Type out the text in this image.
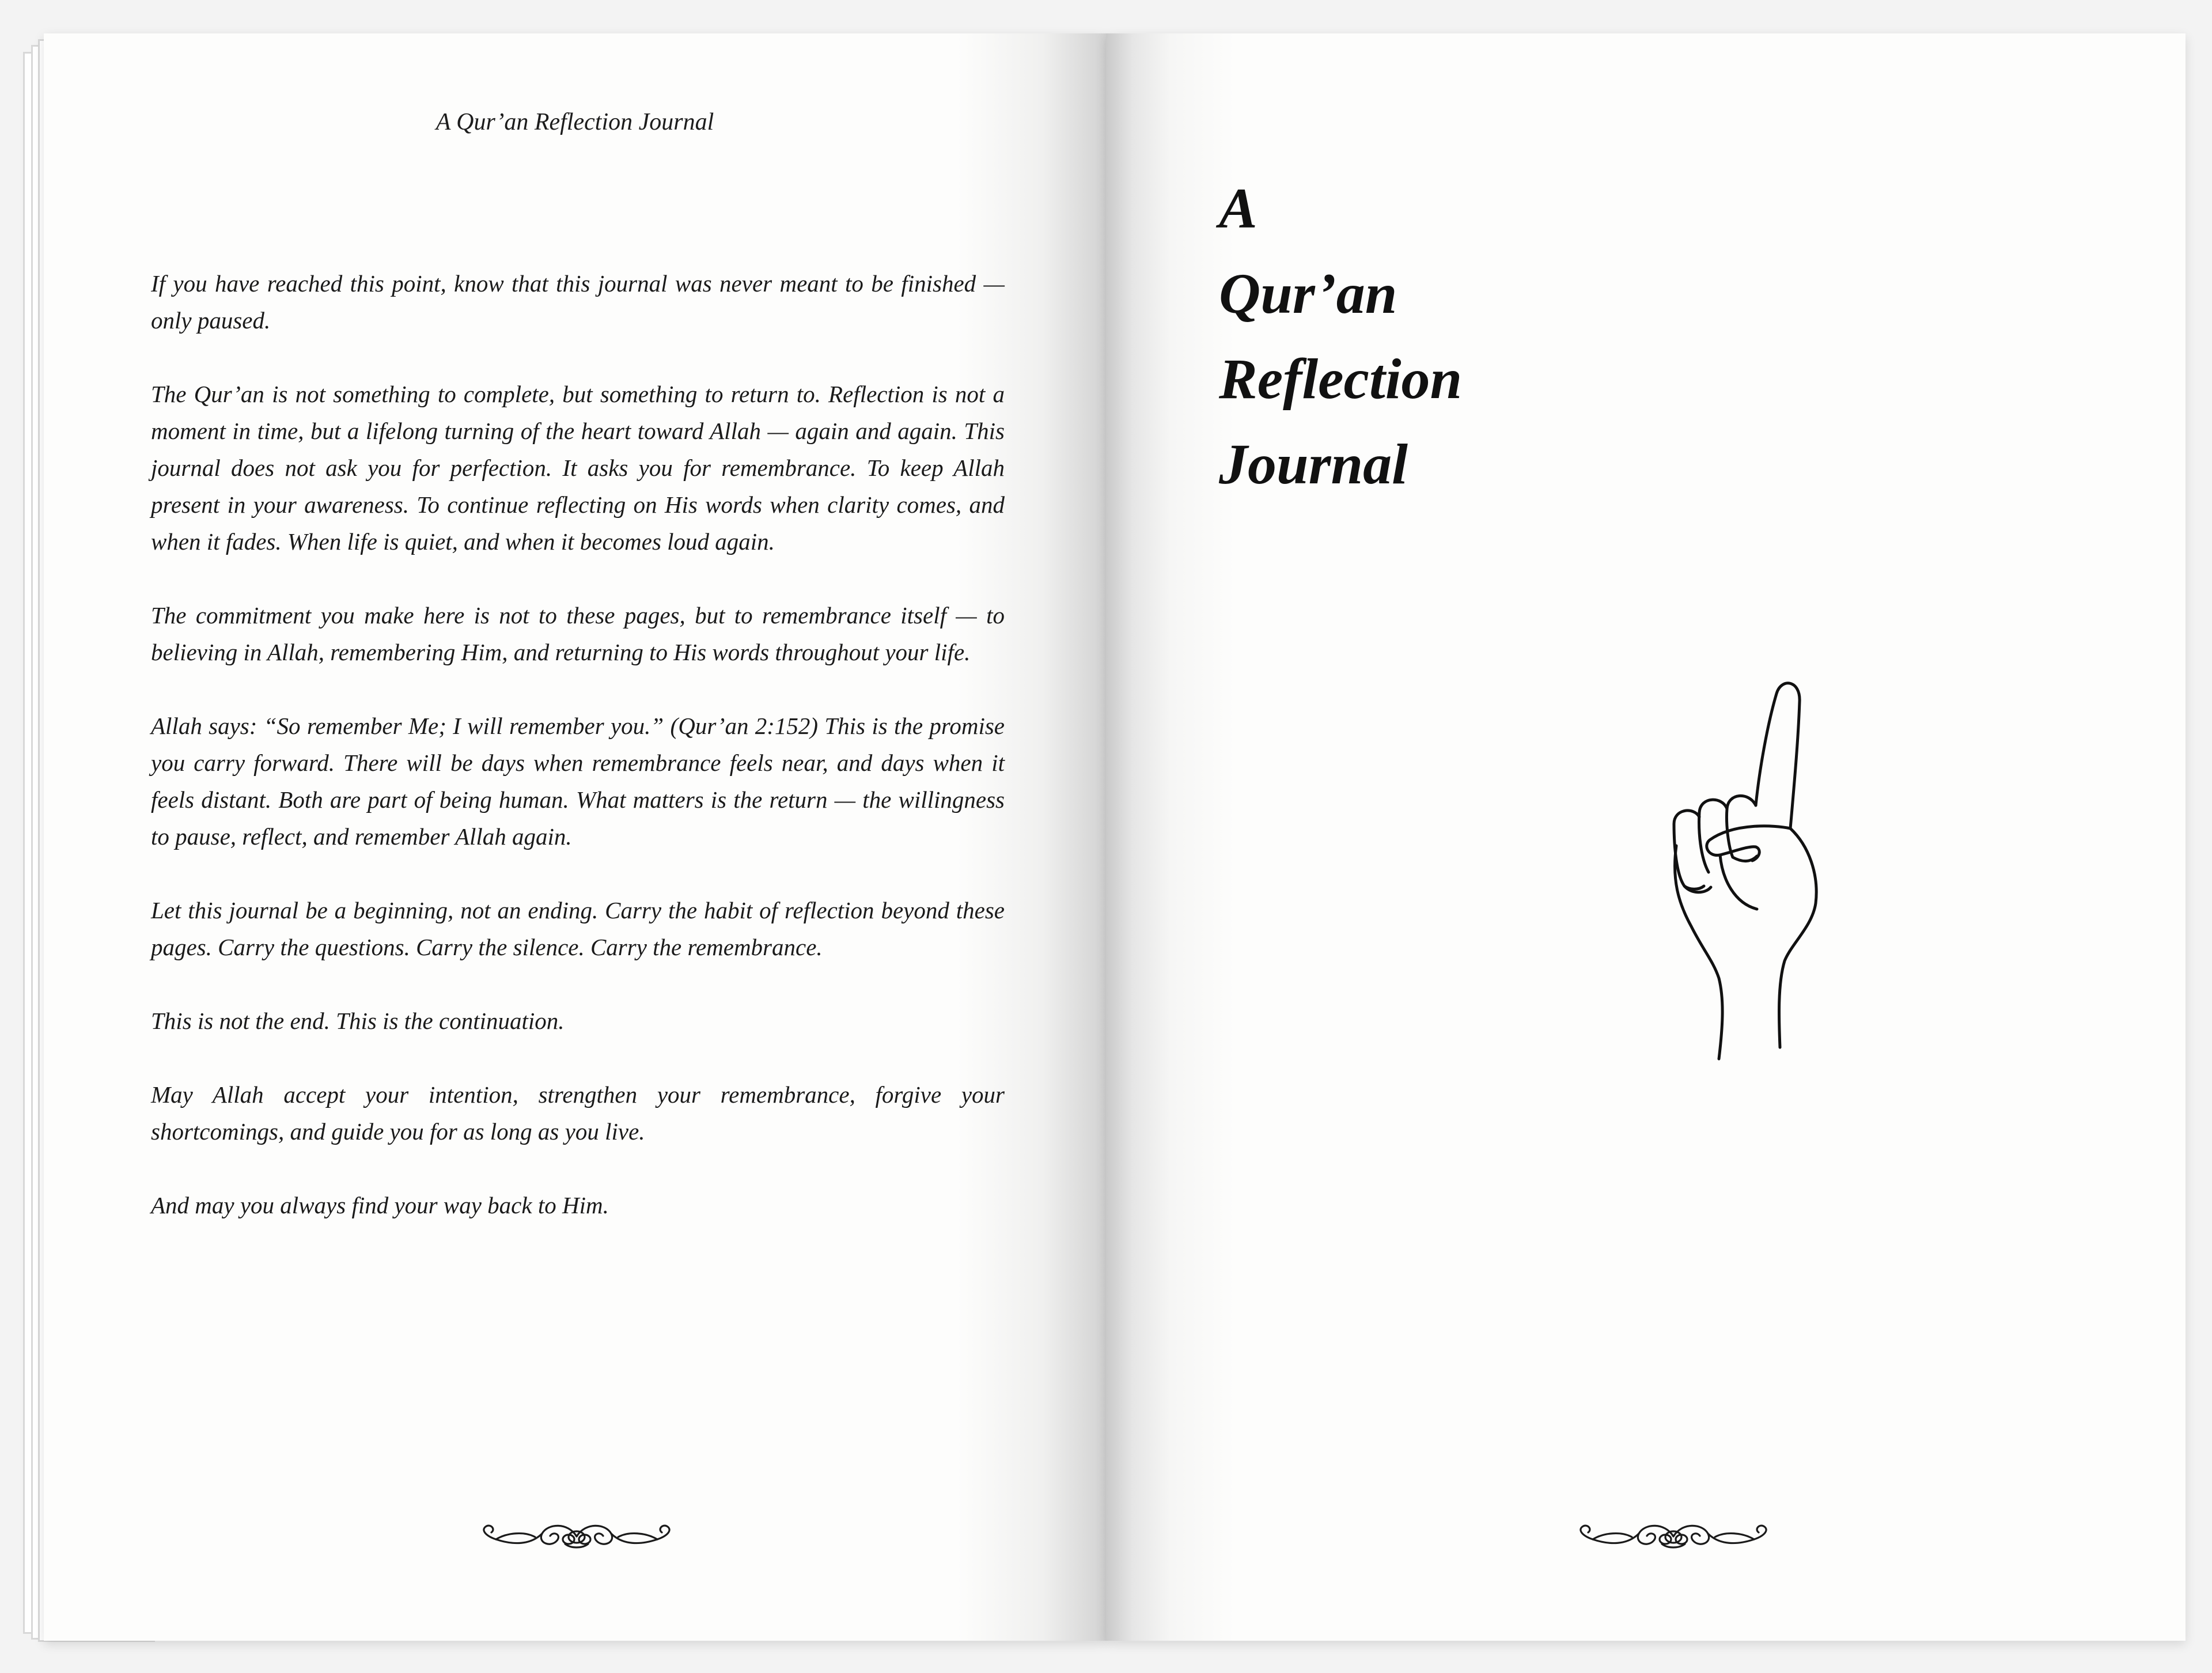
A Qur’an Reflection Journal

If you have reached this point, know that this journal was never meant to be finished — only paused.

The Qur’an is not something to complete, but something to return to. Reflection is not a moment in time, but a lifelong turning of the heart toward Allah — again and again. This journal does not ask you for perfection. It asks you for remembrance. To keep Allah present in your awareness. To continue reflecting on His words when clarity comes, and when it fades. When life is quiet, and when it becomes loud again.

The commitment you make here is not to these pages, but to remembrance itself — to believing in Allah, remembering Him, and returning to His words throughout your life.

Allah says: “So remember Me; I will remember you.” (Qur’an 2:152) This is the promise you carry forward. There will be days when remembrance feels near, and days when it feels distant. Both are part of being human. What matters is the return — the willingness to pause, reflect, and remember Allah again.

Let this journal be a beginning, not an ending. Carry the habit of reflection beyond these pages. Carry the questions. Carry the silence. Carry the remembrance.

This is not the end. This is the continuation.

May Allah accept your intention, strengthen your remembrance, forgive your shortcomings, and guide you for as long as you live.

And may you always find your way back to Him.

A
Qur’an
Reflection
Journal
